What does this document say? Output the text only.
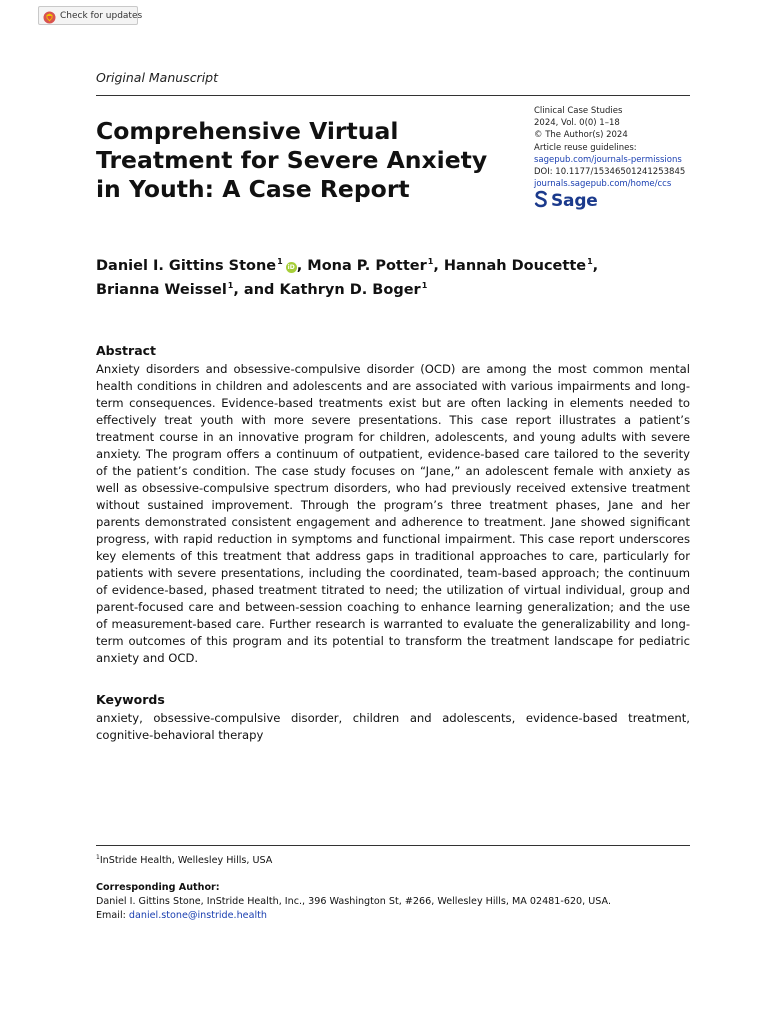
Check for updates
Original Manuscript
Comprehensive Virtual Treatment for Severe Anxiety in Youth: A Case Report
Clinical Case Studies
2024, Vol. 0(0) 1–18
© The Author(s) 2024
Article reuse guidelines:
sagepub.com/journals-permissions
DOI: 10.1177/15346501241253845
journals.sagepub.com/home/ccs
Sage

Daniel I. Gittins Stone$^1$iD , Mona P. Potter$^1$, Hannah Doucette$^1$,
Brianna Weissel$^1$, and Kathryn D. Boger$^1$

Abstract

Anxiety disorders and obsessive-compulsive disorder (OCD) are among the most common mental health conditions in children and adolescents and are associated with various impairments and long-term consequences. Evidence-based treatments exist but are often lacking in elements needed to effectively treat youth with more severe presentations. This case report illustrates a patient’s treatment course in an innovative program for children, adolescents, and young adults with severe anxiety. The program offers a continuum of outpatient, evidence-based care tailored to the severity of the patient’s condition. The case study focuses on “Jane,” an adolescent female with anxiety as well as obsessive-compulsive spectrum disorders, who had previously received extensive treatment without sustained improvement. Through the program’s three treatment phases, Jane and her parents demonstrated consistent engagement and adherence to treatment. Jane showed significant progress, with rapid reduction in symptoms and functional impairment. This case report underscores key elements of this treatment that address gaps in traditional approaches to care, particularly for patients with severe presentations, including the coordinated, team-based approach; the continuum of evidence-based, phased treatment titrated to need; the utilization of virtual individual, group and parent-focused care and between-session coaching to enhance learning generalization; and the use of measurement-based care. Further research is warranted to evaluate the generalizability and long-term outcomes of this program and its potential to transform the treatment landscape for pediatric anxiety and OCD.

Keywords

anxiety, obsessive-compulsive disorder, children and adolescents, evidence-based treatment, cognitive-behavioral therapy

$^1$InStride Health, Wellesley Hills, USA
Corresponding Author:
Daniel I. Gittins Stone, InStride Health, Inc., 396 Washington St, #266, Wellesley Hills, MA 02481-620, USA.
Email: daniel.stone@instride.health
